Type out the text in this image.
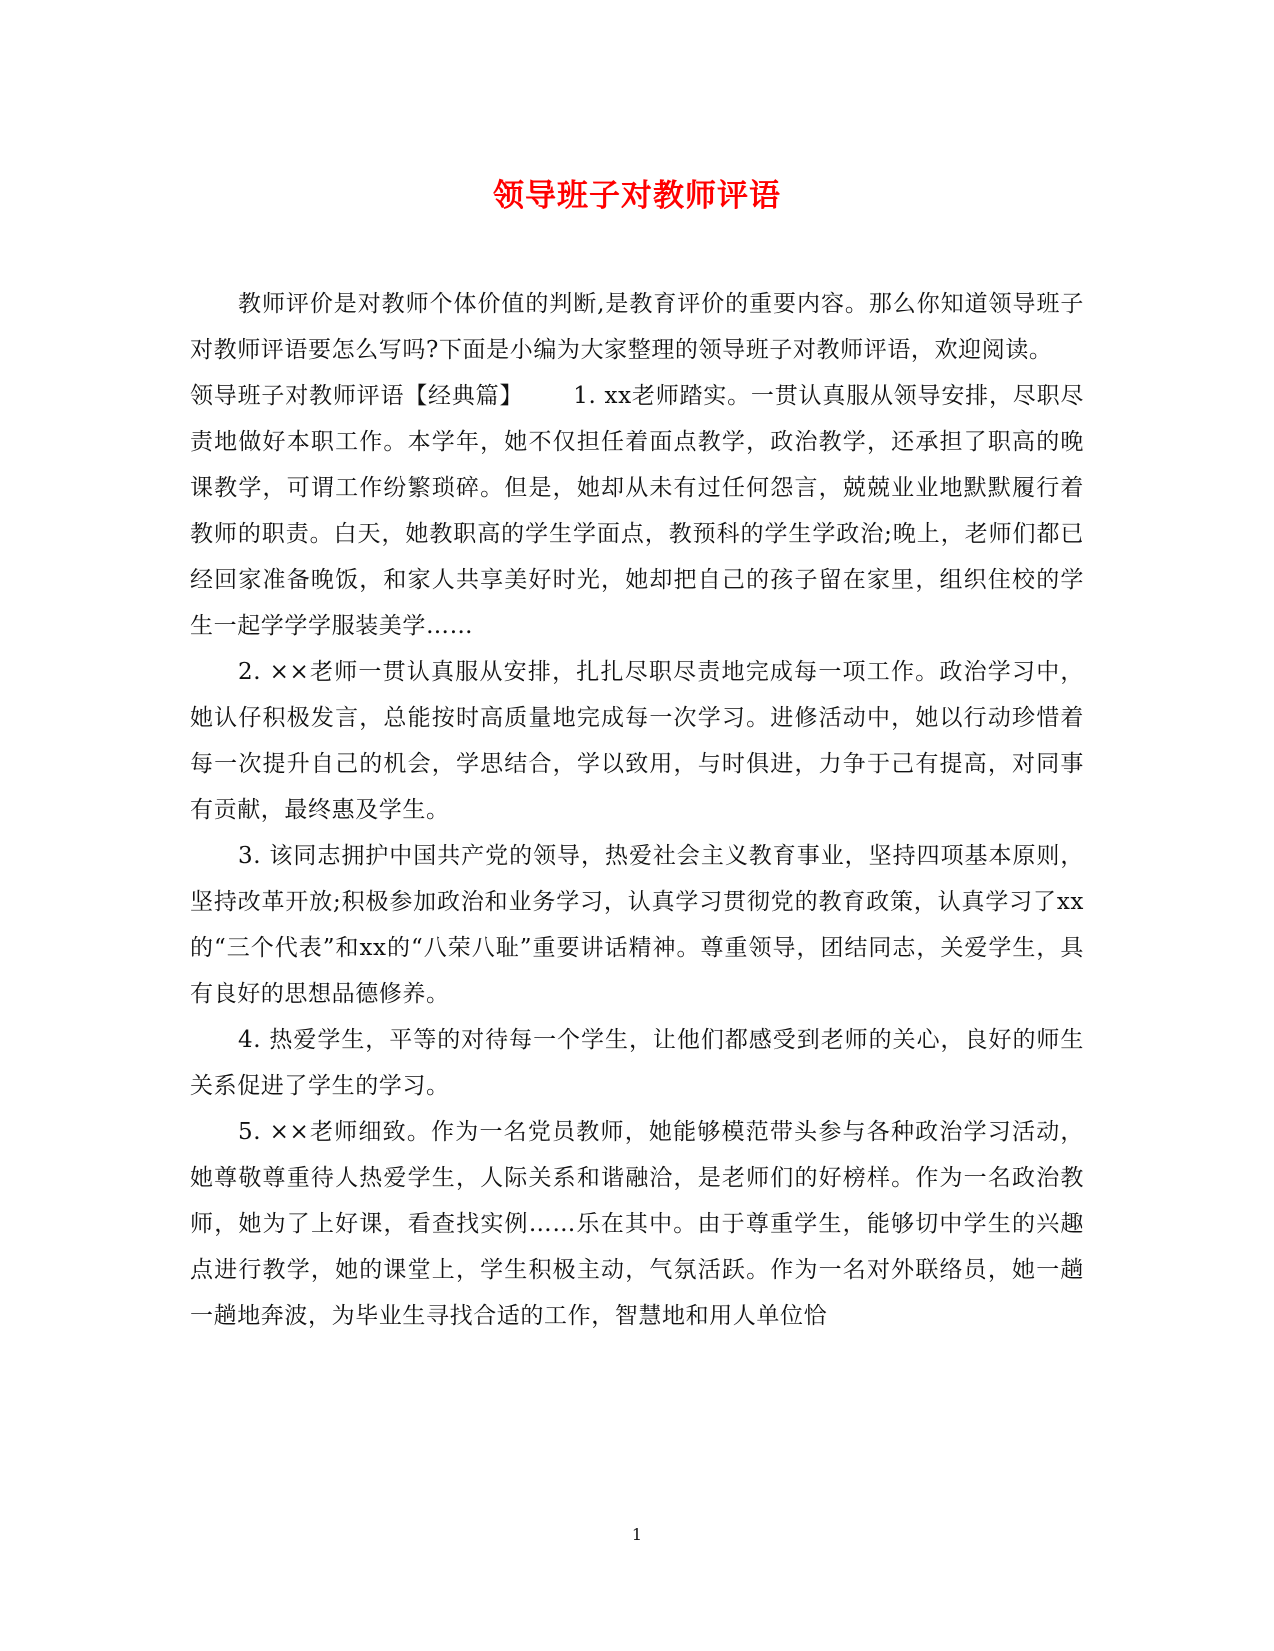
领导班子对教师评语

教师评价是对教师个体价值的判断,是教育评价的重要内容。那么你知道领导班子对教师评语要怎么写吗?下面是小编为大家整理的领导班子对教师评语，欢迎阅读。

领导班子对教师评语【经典篇】 1. xx老师踏实。一贯认真服从领导安排，尽职尽责地做好本职工作。本学年，她不仅担任着面点教学，政治教学，还承担了职高的晚课教学，可谓工作纷繁琐碎。但是，她却从未有过任何怨言，兢兢业业地默默履行着教师的职责。白天，她教职高的学生学面点，教预科的学生学政治;晚上，老师们都已经回家准备晚饭，和家人共享美好时光，她却把自己的孩子留在家里，组织住校的学生一起学学学服装美学……

2. ××老师一贯认真服从安排，扎扎尽职尽责地完成每一项工作。政治学习中，她认仔积极发言，总能按时高质量地完成每一次学习。进修活动中，她以行动珍惜着每一次提升自己的机会，学思结合，学以致用，与时俱进，力争于己有提高，对同事有贡献，最终惠及学生。

3. 该同志拥护中国共产党的领导，热爱社会主义教育事业，坚持四项基本原则，坚持改革开放;积极参加政治和业务学习，认真学习贯彻党的教育政策，认真学习了xx的“三个代表”和xx的“八荣八耻”重要讲话精神。尊重领导，团结同志，关爱学生，具有良好的思想品德修养。

4. 热爱学生，平等的对待每一个学生，让他们都感受到老师的关心，良好的师生关系促进了学生的学习。

5. ××老师细致。作为一名党员教师，她能够模范带头参与各种政治学习活动，她尊敬尊重待人热爱学生，人际关系和谐融洽，是老师们的好榜样。作为一名政治教师，她为了上好课，看查找实例……乐在其中。由于尊重学生，能够切中学生的兴趣点进行教学，她的课堂上，学生积极主动，气氛活跃。作为一名对外联络员，她一趟一趟地奔波，为毕业生寻找合适的工作，智慧地和用人单位恰

1
